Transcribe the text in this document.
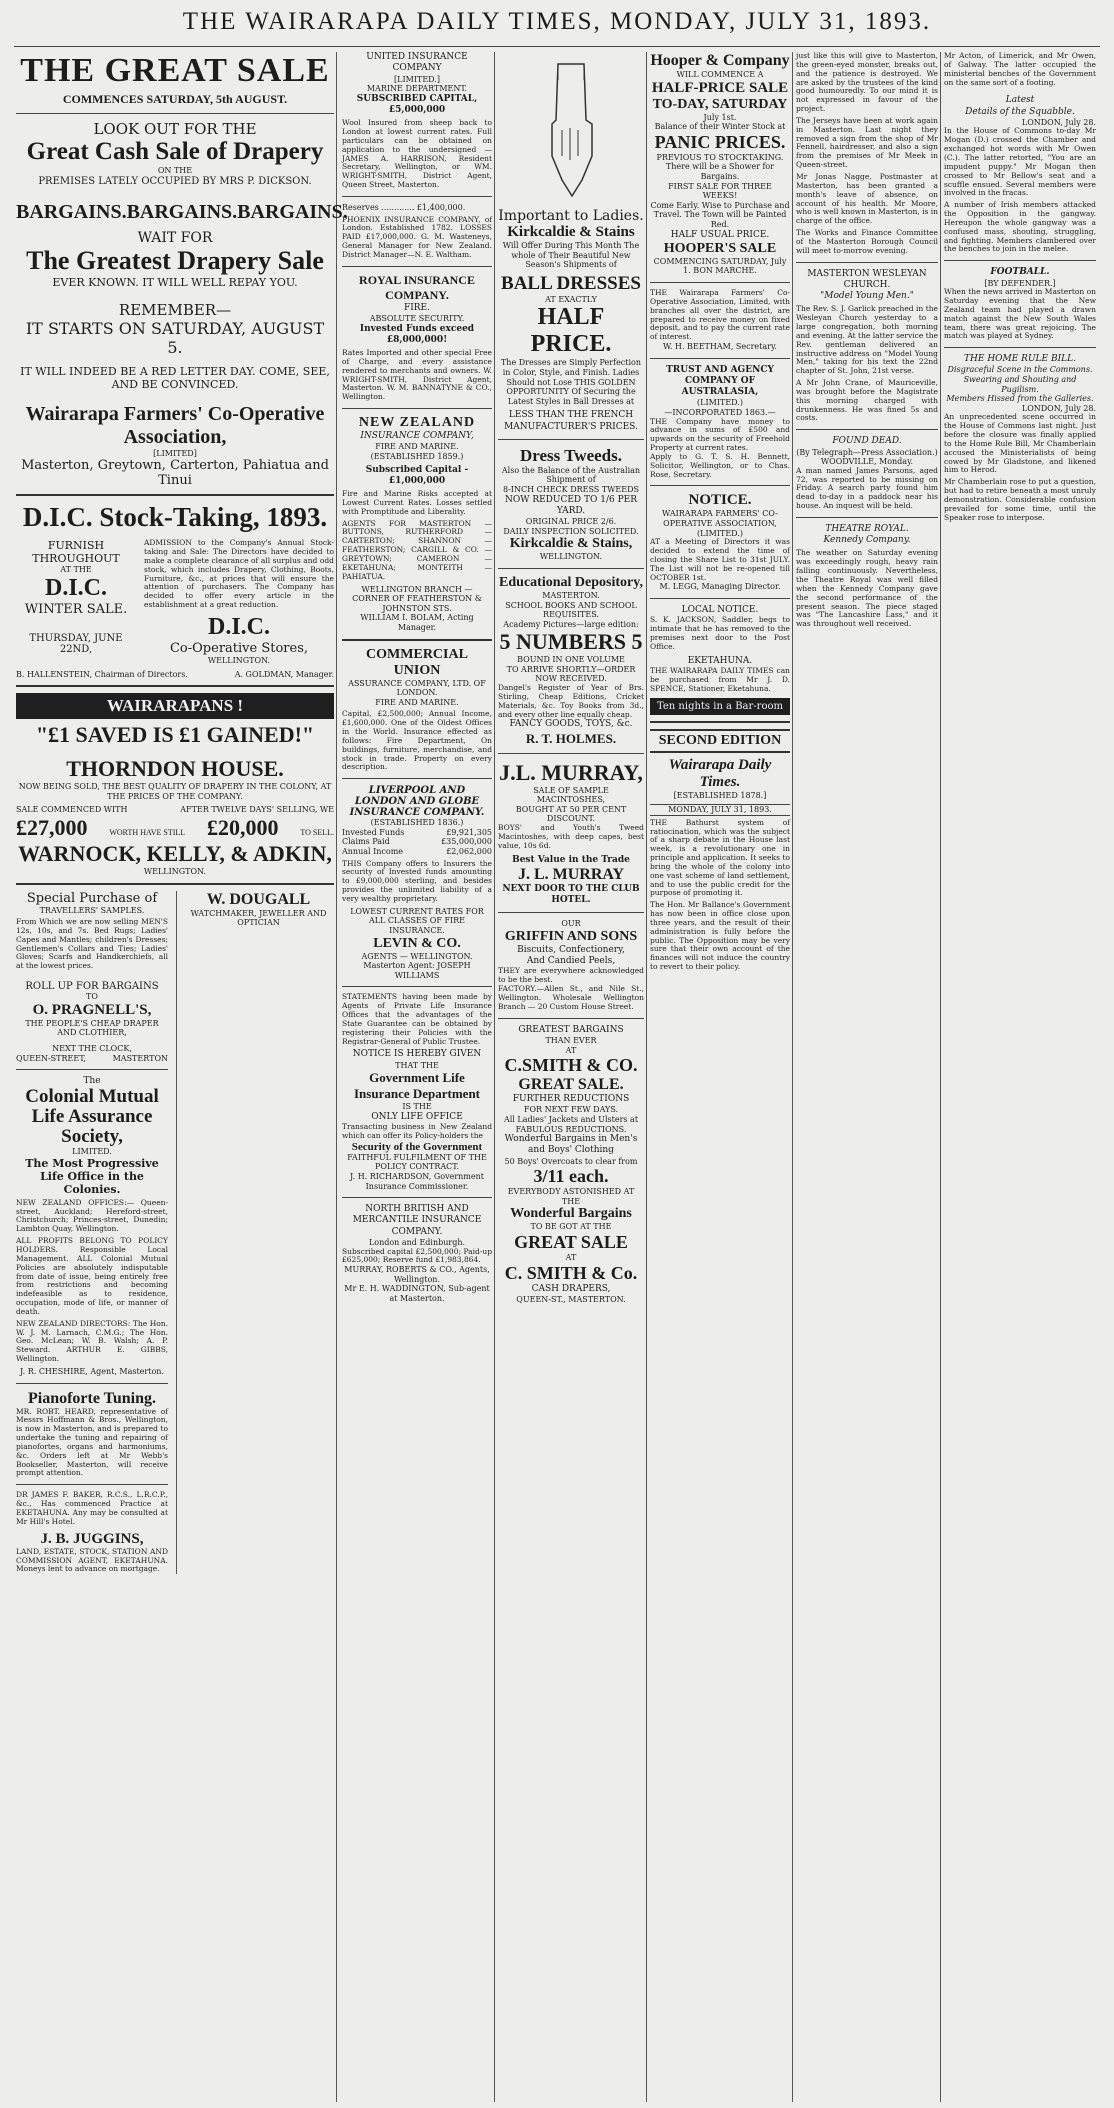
THE WAIRARAPA DAILY TIMES, MONDAY, JULY 31, 1893.
THE GREAT SALE
COMMENCES SATURDAY, 5th AUGUST.
LOOK OUT FOR THE
Great Cash Sale of Drapery
ON THE
PREMISES LATELY OCCUPIED BY MRS P. DICKSON.
BARGAINS. BARGAINS. BARGAINS.
WAIT FOR
The Greatest Drapery Sale
EVER KNOWN. IT WILL WELL REPAY YOU.
REMEMBER—
IT STARTS ON SATURDAY, AUGUST 5.
IT WILL INDEED BE A RED LETTER DAY. COME, SEE, AND BE CONVINCED.
Wairarapa Farmers' Co-Operative Association,
[LIMITED]
Masterton, Greytown, Carterton, Pahiatua and Tinui
D.I.C. Stock-Taking, 1893.
FURNISH THROUGHOUT
AT THE
D.I.C.
WINTER SALE.
THURSDAY, JUNE 22ND,
ADMISSION to the Company's Annual Stock-taking and Sale: The Directors have decided to make a complete clearance of all surplus and odd stock, which includes Drapery, Clothing, Boots, Furniture, &c., at prices that will ensure the attention of purchasers. The Company has decided to offer every article in the establishment at a great reduction.
D.I.C.
Co-Operative Stores,
WELLINGTON.
B. HALLENSTEIN, Chairman of Directors.	A. GOLDMAN, Manager.
WAIRARAPANS !
"£1 SAVED IS £1 GAINED!"
THORNDON HOUSE.
NOW BEING SOLD, THE BEST QUALITY OF DRAPERY IN THE COLONY, AT THE PRICES OF THE COMPANY.
SALE COMMENCED WITH	AFTER TWELVE DAYS' SELLING, WE
£27,000	WORTH HAVE STILL £20,000	TO SELL.
WARNOCK, KELLY, & ADKIN,
WELLINGTON.
Special Purchase of
TRAVELLERS' SAMPLES.
From Which we are now selling MEN'S 12s, 10s, and 7s. Bed Rugs; Ladies' Capes and Mantles; children's Dresses; Gentlemen's Collars and Ties; Ladies' Gloves; Scarfs and Handkerchiefs, all at the lowest prices.
ROLL UP FOR BARGAINS
TO
O. PRAGNELL'S,
THE PEOPLE'S CHEAP DRAPER AND CLOTHIER,
NEXT THE CLOCK,
QUEEN-STREET,	MASTERTON
The
Colonial Mutual
Life Assurance
Society,
LIMITED.
The Most Progressive Life Office in the Colonies.
NEW ZEALAND OFFICES:— Queen-street, Auckland; Hereford-street, Christchurch; Princes-street, Dunedin; Lambton Quay, Wellington.
ALL PROFITS BELONG TO POLICY HOLDERS. Responsible Local Management. ALL Colonial Mutual Policies are absolutely indisputable from date of issue, being entirely free from restrictions and becoming indefeasible as to residence, occupation, mode of life, or manner of death.
NEW ZEALAND DIRECTORS: The Hon. W. J. M. Larnach, C.M.G.; The Hon. Geo. McLean; W. B. Walsh; A. P. Steward. ARTHUR E. GIBBS, Wellington.
J. R. CHESHIRE, Agent, Masterton.
Pianoforte Tuning.
MR. ROBT. HEARD, representative of Messrs Hoffmann & Bros., Wellington, is now in Masterton, and is prepared to undertake the tuning and repairing of pianofortes, organs and harmoniums, &c. Orders left at Mr Webb's Bookseller, Masterton, will receive prompt attention.
DR JAMES F. BAKER, R.C.S., L.R.C.P., &c., Has commenced Practice at EKETAHUNA. Any may be consulted at Mr Hill's Hotel.
J. B. JUGGINS,
LAND, ESTATE, STOCK, STATION AND COMMISSION AGENT, EKETAHUNA. Moneys lent to advance on mortgage.
W. DOUGALL
WATCHMAKER, JEWELLER AND OPTICIAN
UNITED INSURANCE COMPANY
[LIMITED.]
MARINE DEPARTMENT.
SUBSCRIBED CAPITAL, £5,000,000
Wool Insured from sheep back to London at lowest current rates. Full particulars can be obtained on application to the undersigned — JAMES A. HARRISON, Resident Secretary, Wellington, or WM. WRIGHT-SMITH, District Agent, Queen Street, Masterton.
Reserves ............. £1,400,000.
PHOENIX INSURANCE COMPANY, of London. Established 1782. LOSSES PAID £17,000,000. G. M. Wasteneys, General Manager for New Zealand. District Manager—N. E. Waltham.
ROYAL INSURANCE COMPANY.
FIRE.
ABSOLUTE SECURITY.
Invested Funds exceed £8,000,000!
Rates Imported and other special Free of Charge, and every assistance rendered to merchants and owners. W. WRIGHT-SMITH, District Agent, Masterton. W. M. BANNATYNE & CO., Wellington.
NEW ZEALAND
INSURANCE COMPANY,
FIRE AND MARINE.
(ESTABLISHED 1859.)
Subscribed Capital - £1,000,000
Fire and Marine Risks accepted at Lowest Current Rates. Losses settled with Promptitude and Liberality.
AGENTS FOR MASTERTON — BUTTONS, RUTHERFORD — CARTERTON; SHANNON — FEATHERSTON; CARGILL & CO. — GREYTOWN; CAMERON — EKETAHUNA; MONTEITH — PAHIATUA.
WELLINGTON BRANCH — CORNER OF FEATHERSTON & JOHNSTON STS.
WILLIAM I. BOLAM, Acting Manager.
COMMERCIAL UNION
ASSURANCE COMPANY, LTD. OF LONDON.
FIRE AND MARINE.
Capital, £2,500,000; Annual Income, £1,600,000. One of the Oldest Offices in the World. Insurance effected as follows: Fire Department, On buildings, furniture, merchandise, and stock in trade. Property on every description.
LIVERPOOL AND LONDON AND GLOBE INSURANCE COMPANY.
(ESTABLISHED 1836.)
Invested Funds	£9,921,305
Claims Paid	£35,000,000
Annual Income	£2,062,000
THIS Company offers to Insurers the security of Invested funds amounting to £9,000,000 sterling, and besides provides the unlimited liability of a very wealthy proprietary.
LOWEST CURRENT RATES FOR ALL CLASSES OF FIRE INSURANCE.
LEVIN & CO.
AGENTS — WELLINGTON.
Masterton Agent: JOSEPH WILLIAMS
STATEMENTS having been made by Agents of Private Life Insurance Offices that the advantages of the State Guarantee can be obtained by registering their Policies with the Registrar-General of Public Trustee.
NOTICE IS HEREBY GIVEN
THAT THE
Government Life Insurance Department
IS THE
ONLY LIFE OFFICE
Transacting business in New Zealand which can offer its Policy-holders the
Security of the Government
FAITHFUL FULFILMENT OF THE POLICY CONTRACT.
J. H. RICHARDSON, Government Insurance Commissioner.
NORTH BRITISH AND MERCANTILE INSURANCE COMPANY.
London and Edinburgh.
Subscribed capital £2,500,000; Paid-up £625,000; Reserve fund £1,983,864.
MURRAY, ROBERTS & CO., Agents, Wellington.
Mr E. H. WADDINGTON, Sub-agent at Masterton.
Important to Ladies.
Kirkcaldie & Stains
Will Offer During This Month The whole of Their Beautiful New Season's Shipments of
BALL DRESSES
AT EXACTLY
HALF PRICE.
The Dresses are Simply Perfection in Color, Style, and Finish. Ladies Should not Lose THIS GOLDEN OPPORTUNITY Of Securing the Latest Styles in Ball Dresses at
LESS THAN THE FRENCH MANUFACTURER'S PRICES.
Dress Tweeds.
Also the Balance of the Australian Shipment of
8-INCH CHECK DRESS TWEEDS
NOW REDUCED TO 1/6 PER YARD.
ORIGINAL PRICE 2/6.
DAILY INSPECTION SOLICITED.
Kirkcaldie & Stains,
WELLINGTON.
Educational Depository,
MASTERTON.
SCHOOL BOOKS AND SCHOOL REQUISITES.
Academy Pictures—large edition:
5 NUMBERS 5
BOUND IN ONE VOLUME
TO ARRIVE SHORTLY—ORDER NOW RECEIVED.
Dangel's Register of Year of Brs. Stirling, Cheap Editions, Cricket Materials, &c. Toy Books from 3d., and every other line equally cheap.
FANCY GOODS, TOYS, &c.
R. T. HOLMES.
J.L. MURRAY,
SALE OF SAMPLE MACINTOSHES,
BOUGHT AT 50 PER CENT DISCOUNT.
BOYS' and Youth's Tweed Macintoshes, with deep capes, best value, 10s 6d.
Best Value in the Trade
J. L. MURRAY
NEXT DOOR TO THE CLUB HOTEL.
OUR
GRIFFIN AND SONS
Biscuits, Confectionery,
And Candied Peels,
THEY are everywhere acknowledged to be the best.
FACTORY.—Allen St., and Nile St., Wellington. Wholesale Wellington Branch — 20 Custom House Street.
GREATEST BARGAINS
THAN EVER
AT
C.SMITH & CO.
GREAT SALE.
FURTHER REDUCTIONS
FOR NEXT FEW DAYS.
All Ladies' Jackets and Ulsters at FABULOUS REDUCTIONS.
Wonderful Bargains in Men's and Boys' Clothing
50 Boys' Overcoats to clear from
3/11 each.
EVERYBODY ASTONISHED AT THE
Wonderful Bargains
TO BE GOT AT THE
GREAT SALE
AT
C. SMITH & Co.
CASH DRAPERS,
QUEEN-ST., MASTERTON.
Hooper & Company
WILL COMMENCE A
HALF-PRICE SALE
TO-DAY, SATURDAY
July 1st.
Balance of their Winter Stock at
PANIC PRICES.
PREVIOUS TO STOCKTAKING.
There will be a Shower for Bargains.
FIRST SALE FOR THREE WEEKS!
Come Early. Wise to Purchase and Travel. The Town will be Painted Red.
HALF USUAL PRICE.
HOOPER'S SALE
COMMENCING SATURDAY, July 1. BON MARCHE.
THE Wairarapa Farmers' Co-Operative Association, Limited, with branches all over the district, are prepared to receive money on fixed deposit, and to pay the current rate of interest.
W. H. BEETHAM, Secretary.
TRUST AND AGENCY COMPANY OF AUSTRALASIA,
(LIMITED.)
—INCORPORATED 1863.—
THE Company have money to advance in sums of £500 and upwards on the security of Freehold Property at current rates.
Apply to G. T. S. H. Bennett, Solicitor, Wellington, or to Chas. Rose, Secretary.
NOTICE.
WAIRARAPA FARMERS' CO-OPERATIVE ASSOCIATION,
(LIMITED.)
AT a Meeting of Directors it was decided to extend the time of closing the Share List to 31st JULY. The List will not be re-opened till OCTOBER 1st.
M. LEGG, Managing Director.
LOCAL NOTICE.
S. K. JACKSON, Saddler, begs to intimate that he has removed to the premises next door to the Post Office.
EKETAHUNA.
THE WAIRARAPA DAILY TIMES can be purchased from Mr J. D. SPENCE, Stationer, Eketahuna.
Ten nights in a Bar-room
SECOND EDITION
Wairarapa Daily Times.
[ESTABLISHED 1878.]
MONDAY, JULY 31, 1893.
THE Bathurst system of ratiocination, which was the subject of a sharp debate in the House last week, is a revolutionary one in principle and application. It seeks to bring the whole of the colony into one vast scheme of land settlement, and to use the public credit for the purpose of promoting it.
The Hon. Mr Ballance's Government has now been in office close upon three years, and the result of their administration is fully before the public. The Opposition may be very sure that their own account of the finances will not induce the country to revert to their policy.
just like this will give to Masterton, the green-eyed monster, breaks out, and the patience is destroyed. We are asked by the trustees of the kind good humouredly. To our mind it is not expressed in favour of the project.
The Jerseys have been at work again in Masterton. Last night they removed a sign from the shop of Mr Fennell, hairdresser, and also a sign from the premises of Mr Meek in Queen-street.
Mr Jonas Nagge, Postmaster at Masterton, has been granted a month's leave of absence, on account of his health. Mr Moore, who is well known in Masterton, is in charge of the office.
The Works and Finance Committee of the Masterton Borough Council will meet to-morrow evening.
MASTERTON WESLEYAN CHURCH.
"Model Young Men."
The Rev. S. J. Garlick preached in the Wesleyan Church yesterday to a large congregation, both morning and evening. At the latter service the Rev. gentleman delivered an instructive address on "Model Young Men," taking for his text the 22nd chapter of St. John, 21st verse.
A Mr John Crane, of Mauriceville, was brought before the Magistrate this morning charged with drunkenness. He was fined 5s and costs.
FOUND DEAD.
(By Telegraph—Press Association.)
WOODVILLE, Monday.
A man named James Parsons, aged 72, was reported to be missing on Friday. A search party found him dead to-day in a paddock near his house. An inquest will be held.
THEATRE ROYAL.
Kennedy Company.
The weather on Saturday evening was exceedingly rough, heavy rain falling continuously. Nevertheless, the Theatre Royal was well filled when the Kennedy Company gave the second performance of the present season. The piece staged was "The Lancashire Lass," and it was throughout well received.
Mr Acton, of Limerick, and Mr Owen, of Galway. The latter occupied the ministerial benches of the Government on the same sort of a footing.
Latest
Details of the Squabble.
LONDON, July 28.
In the House of Commons to-day Mr Mogan (D.) crossed the Chamber and exchanged hot words with Mr Owen (C.). The latter retorted, "You are an impudent puppy." Mr Mogan then crossed to Mr Bellow's seat and a scuffle ensued. Several members were involved in the fracas.
A number of Irish members attacked the Opposition in the gangway. Hereupon the whole gangway was a confused mass, shouting, struggling, and fighting. Members clambered over the benches to join in the melee.
FOOTBALL.
[BY DEFENDER.]
When the news arrived in Masterton on Saturday evening that the New Zealand team had played a drawn match against the New South Wales team, there was great rejoicing. The match was played at Sydney.
THE HOME RULE BILL.
Disgraceful Scene in the Commons.
Swearing and Shouting and Pugilism.
Members Hissed from the Galleries.
LONDON, July 28.
An unprecedented scene occurred in the House of Commons last night. Just before the closure was finally applied to the Home Rule Bill, Mr Chamberlain accused the Ministerialists of being cowed by Mr Gladstone, and likened him to Herod.
Mr Chamberlain rose to put a question, but had to retire beneath a most unruly demonstration. Considerable confusion prevailed for some time, until the Speaker rose to interpose.
